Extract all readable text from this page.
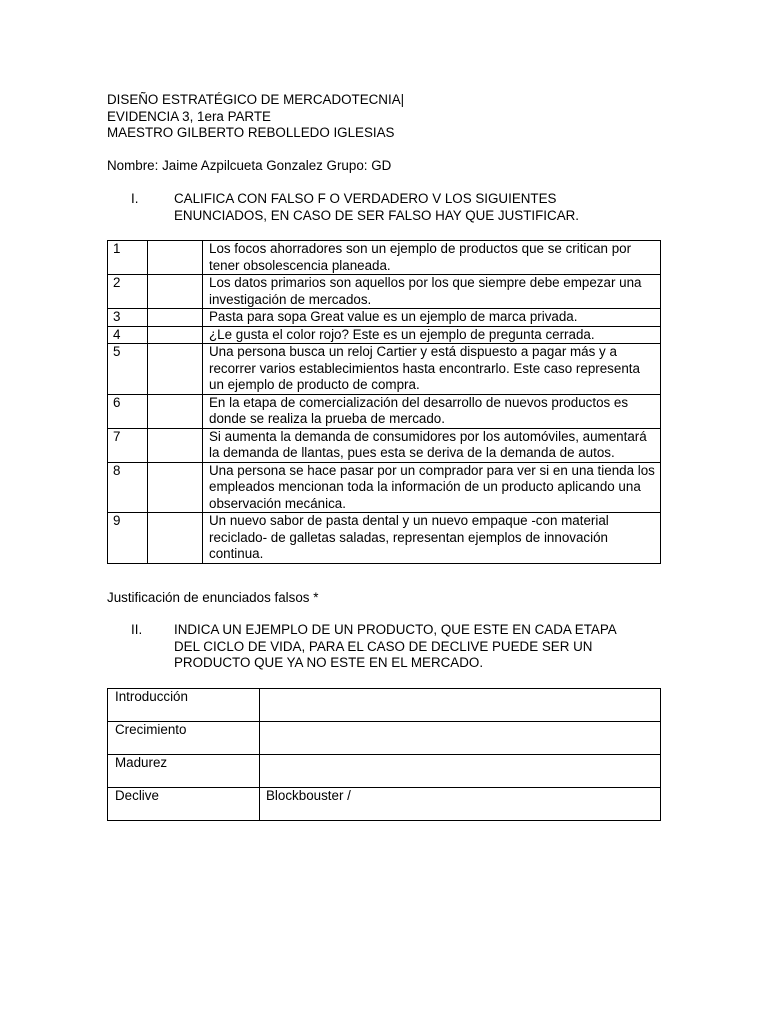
DISEÑO ESTRATÉGICO DE MERCADOTECNIA|
EVIDENCIA 3, 1era PARTE
MAESTRO GILBERTO REBOLLEDO IGLESIAS
Nombre: Jaime Azpilcueta Gonzalez Grupo: GD
I.	CALIFICA CON FALSO F O VERDADERO V LOS SIGUIENTES ENUNCIADOS, EN CASO DE SER FALSO HAY QUE JUSTIFICAR.
1		Los focos ahorradores son un ejemplo de productos que se critican por tener obsolescencia planeada.
2		Los datos primarios son aquellos por los que siempre debe empezar una investigación de mercados.
3		Pasta para sopa Great value es un ejemplo de marca privada.
4		¿Le gusta el color rojo? Este es un ejemplo de pregunta cerrada.
5		Una persona busca un reloj Cartier y está dispuesto a pagar más y a recorrer varios establecimientos hasta encontrarlo. Este caso representa un ejemplo de producto de compra.
6		En la etapa de comercialización del desarrollo de nuevos productos es donde se realiza la prueba de mercado.
7		Si aumenta la demanda de consumidores por los automóviles, aumentará la demanda de llantas, pues esta se deriva de la demanda de autos.
8		Una persona se hace pasar por un comprador para ver si en una tienda los empleados mencionan toda la información de un producto aplicando una observación mecánica.
9		Un nuevo sabor de pasta dental y un nuevo empaque -con material reciclado- de galletas saladas, representan ejemplos de innovación continua.
Justificación de enunciados falsos *
II. INDICA UN EJEMPLO DE UN PRODUCTO, QUE ESTE EN CADA ETAPA DEL CICLO DE VIDA, PARA EL CASO DE DECLIVE PUEDE SER UN PRODUCTO QUE YA NO ESTE EN EL MERCADO.
Introducción	
Crecimiento	
Madurez	
Declive	Blockbouster /
